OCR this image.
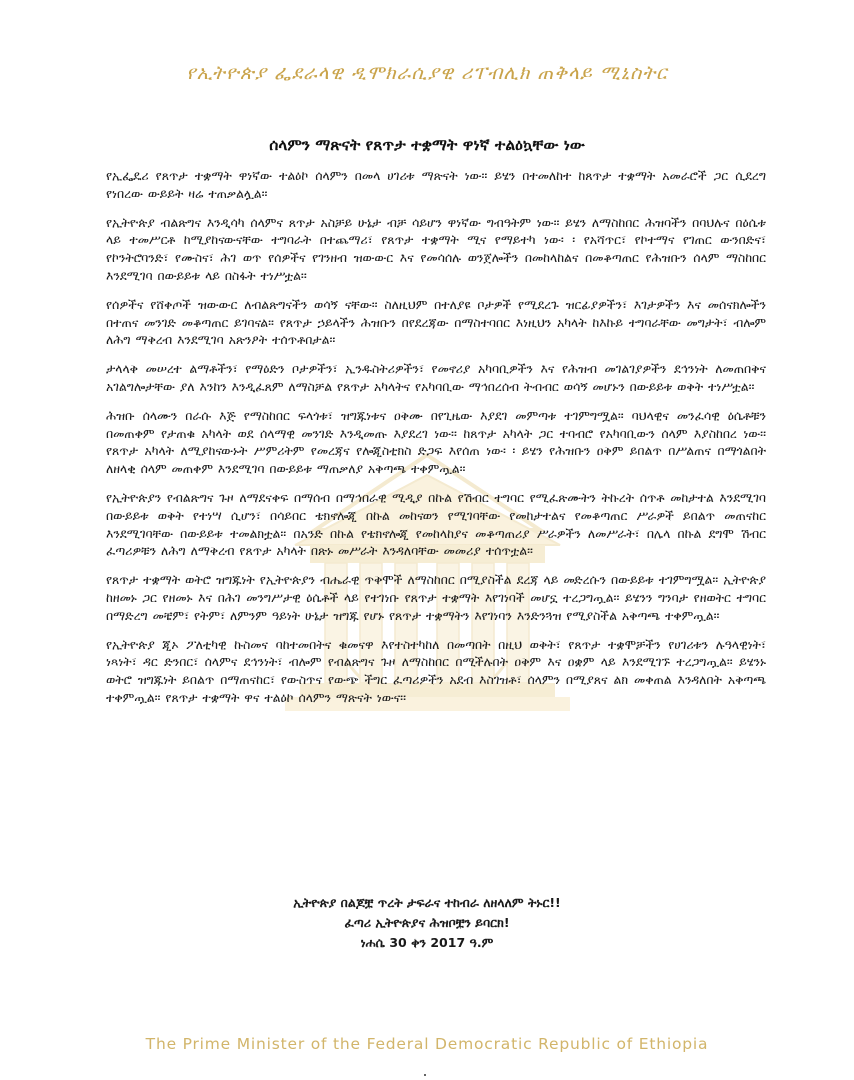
የኢትዮጵያ ፌደራላዊ ዲሞክራሲያዊ ሪፐብሊክ ጠቅላይ ሚኒስትር
ሰላምን ማጽናት የጸጥታ ተቋማት ዋነኛ ተልዕኳቸው ነው

የኢፌዴሪ የጸጥታ ተቋማት ዋነኛው ተልዕኮ ሰላምን በመላ ሀገሪቱ ማጽናት ነው፡፡ ይሄን በተመለከተ ከጸጥታ ተቋማት አመራሮች ጋር ሲደረግ የነበረው ውይይት ዛሬ ተጠቃልሏል፡፡

የኢትዮጵያ ብልጽግና እንዲሳካ ሰላምና ጸጥታ አስቻይ ሁኔታ ብቻ ሳይሆን ዋነኛው ግብዓትም ነው፡፡ ይሄን ለማስከበር ሕዝባችን በባህሉና በዕሴቱ ላይ ተመሥርቶ ከሚያከናውናቸው ተግባራት በተጨማሪ፣ የጸጥታ ተቋማት ሚና የማይተካ ነው፡ ፡ የአሻጥር፣ የኮተማና የገጠር ውንበድና፣ የኮንትሮባንድ፣ የሙስና፣ ሕገ ወጥ የሰዎችና የገንዘብ ዝውውር እና የመሳሰሉ ወንጀሎችን በመከላከልና በመቆጣጠር የሕዝቡን ሰላም ማስከበር እንደሚገባ በውይይቱ ላይ በስፋት ተነሥቷል፡፡

የሰዎችና የሸቀጦች ዝውውር ለብልጽግናችን ወሳኝ ናቸው፡፡ ስለዚህም በተለያዩ ቦታዎች የሚደረጉ ዝርፊያዎችን፣ እገታዎችን እና መሰናክሎችን በተጠና መንገድ መቆጣጠር ይገባናል፡፡ የጸጥታ ኃይላችን ሕዝቡን በየደረጃው በማስተባበር እነዚህን አካላት ከእኩይ ተግባራቸው መግታት፣ ብሎም ለሕግ ማቅረብ እንደሚገባ አጽንዖት ተሰጥቶበታል፡፡

ታላላቅ መሠረተ ልማቶችን፣ የማዕድን ቦታዎችን፣ ኢንዱስትሪዎችን፣ የመኖሪያ አካባቢዎችን እና የሕዝብ መገልገያዎችን ደኅንነት ለመጠበቅና አገልግሎታቸው ያለ እንከን እንዲፈጸም ለማስቻል የጸጥታ አካላትና የአካባቢው ማኅበረሰብ ትብብር ወሳኝ መሆኑን በውይይቱ ወቅት ተነሥቷል፡፡

ሕዝቡ ሰላሙን በራሱ እጅ የማስከበር ፍላጎቱ፣ ዝግጁነቱና ዐቅሙ በየጊዜው እያደገ መምጣቱ ተገምግሟል፡፡ ባህላዊና መንፈሳዊ ዕሴቶቹን በመጠቀም የታጠቁ አካላት ወደ ሰላማዊ መንገድ እንዲመጡ እያደረገ ነው፡፡ ከጸጥታ አካላት ጋር ተባብሮ የአካባቢውን ሰላም እያስከበረ ነው፡፡ የጸጥታ አካላት ለሚያከናውኑት ሥምሪትም የመረጃና የሎጂስቲክስ ድጋፍ እየሰጠ ነው፡ ፡ ይሄን የሕዝቡን ዐቅም ይበልጥ በሥልጠና በማጎልበት ለዘላቂ ሰላም መጠቀም እንደሚገባ በውይይቱ ማጠቃለያ አቅጣጫ ተቀምጧል፡፡

የኢትዮጵያን የብልጽግና ጉዞ ለማደናቀፍ በማሰብ በማኅበራዊ ሚዲያ በኩል የሽብር ተግባር የሚፈጽሙትን ትኩረት ሰጥቶ መከታተል እንደሚገባ በውይይቱ ወቅት የተነሣ ሲሆን፣ በሳይበር ቴክኖሎጂ በኩል መከናወን የሚገባቸው የመከታተልና የመቆጣጠር ሥራዎች ይበልጥ መጠናከር እንደሚገባቸው በውይይቱ ተመልክቷል፡፡ በአንድ በኩል የቴክኖሎጂ የመከላከያና መቆጣጠሪያ ሥራዎችን ለመሥራት፣ በሌላ በኩል ደግሞ ሽብር ፈጣሪዎቹን ለሕግ ለማቅረብ የጸጥታ አካላት በጽኑ መሥራት እንዳለባቸው መመሪያ ተሰጥቷል፡፡

የጸጥታ ተቋማት ወትሮ ዝግጁነት የኢትዮጵያን ብሔራዊ ጥቅሞች ለማስከበር በሚያስችል ደረጃ ላይ መድረሱን በውይይቱ ተገምግሟል፡፡ ኢትዮጵያ ከዘመኑ ጋር የዘመኑ እና በሕገ መንግሥታዊ ዕሴቶች ላይ የተገነቡ የጸጥታ ተቋማት እየገነባች መሆኗ ተረጋግጧል፡፡ ይሄንን ግንባታ የዘወትር ተግባር በማድረግ መቼም፣ የትም፣ ለምንም ዓይነት ሁኔታ ዝግጁ የሆኑ የጸጥታ ተቋማትን እየገነባን እንድንጓዝ የሚያስችል አቅጣጫ ተቀምጧል፡፡

የኢትዮጵያ ጂኦ ፖለቲካዊ ኩስመና ባከተመበትና ቁመናዋ እየተስተካከለ በመጣበት በዚህ ወቅት፣ የጸጥታ ተቋሞቻችን የሀገሪቱን ሉዓላዊነት፣ ነጻነት፣ ዳር ድንበር፣ ሰላምና ደኅንነት፣ ብሎም የብልጽግና ጉዞ ለማስከበር በሚችሉበት ዐቅም እና ዐቋም ላይ እንደሚገኙ ተረጋግጧል፡፡ ይሄንኑ ወትሮ ዝግጁነት ይበልጥ በማጠናከር፣ የውስጥና የውጭ ችግር ፈጣሪዎችን አደብ እስገዝቶ፣ ሰላምን በሚያጸና ልክ መቀጠል እንዳለበት አቅጣጫ ተቀምጧል፡፡ የጸጥታ ተቋማት ዋና ተልዕኮ ሰላምን ማጽናት ነውና፡፡

ኢትዮጵያ በልጆቿ ጥረት ታፍራና ተከብራ ለዘላለም ትኑር!!
ፈጣሪ ኢትዮጵያና ሕዝቦቿን ይባርክ!
ነሐሴ 30 ቀን 2017 ዓ.ም
The Prime Minister of the Federal Democratic Republic of Ethiopia
